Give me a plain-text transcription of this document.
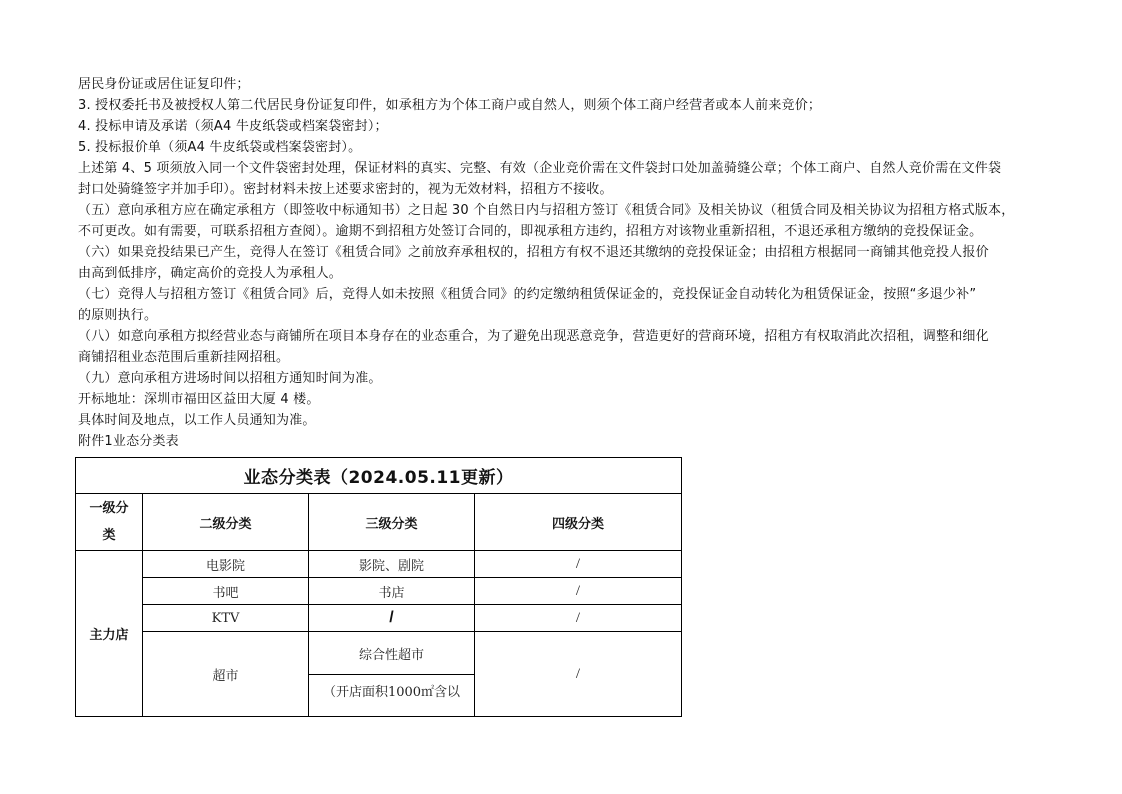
居民身份证或居住证复印件；
3. 授权委托书及被授权人第二代居民身份证复印件，如承租方为个体工商户或自然人，则须个体工商户经营者或本人前来竞价；
4. 投标申请及承诺（须A4 牛皮纸袋或档案袋密封）；
5. 投标报价单（须A4 牛皮纸袋或档案袋密封）。
上述第 4、5 项须放入同一个文件袋密封处理，保证材料的真实、完整、有效（企业竞价需在文件袋封口处加盖骑缝公章；个体工商户、自然人竞价需在文件袋
封口处骑缝签字并加手印）。密封材料未按上述要求密封的，视为无效材料，招租方不接收。
（五）意向承租方应在确定承租方（即签收中标通知书）之日起 30 个自然日内与招租方签订《租赁合同》及相关协议（租赁合同及相关协议为招租方格式版本，
不可更改。如有需要，可联系招租方查阅）。逾期不到招租方处签订合同的，即视承租方违约，招租方对该物业重新招租，不退还承租方缴纳的竞投保证金。
（六）如果竞投结果已产生，竞得人在签订《租赁合同》之前放弃承租权的，招租方有权不退还其缴纳的竞投保证金；由招租方根据同一商铺其他竞投人报价
由高到低排序，确定高价的竞投人为承租人。
（七）竞得人与招租方签订《租赁合同》后，竞得人如未按照《租赁合同》的约定缴纳租赁保证金的，竞投保证金自动转化为租赁保证金，按照“多退少补”
的原则执行。
（八）如意向承租方拟经营业态与商铺所在项目本身存在的业态重合，为了避免出现恶意竞争，营造更好的营商环境，招租方有权取消此次招租，调整和细化
商铺招租业态范围后重新挂网招租。
（九）意向承租方进场时间以招租方通知时间为准。
开标地址：深圳市福田区益田大厦 4 楼。
具体时间及地点，以工作人员通知为准。
附件1业态分类表
业态分类表（2024.05.11更新）			
一级分
类	二级分类	三级分类	四级分类
主力店	电影院	影院、剧院	/
	书吧	书店	/
	KTV	/	/
	超市	综合性超市	/
		（开店面积1000㎡含以	
